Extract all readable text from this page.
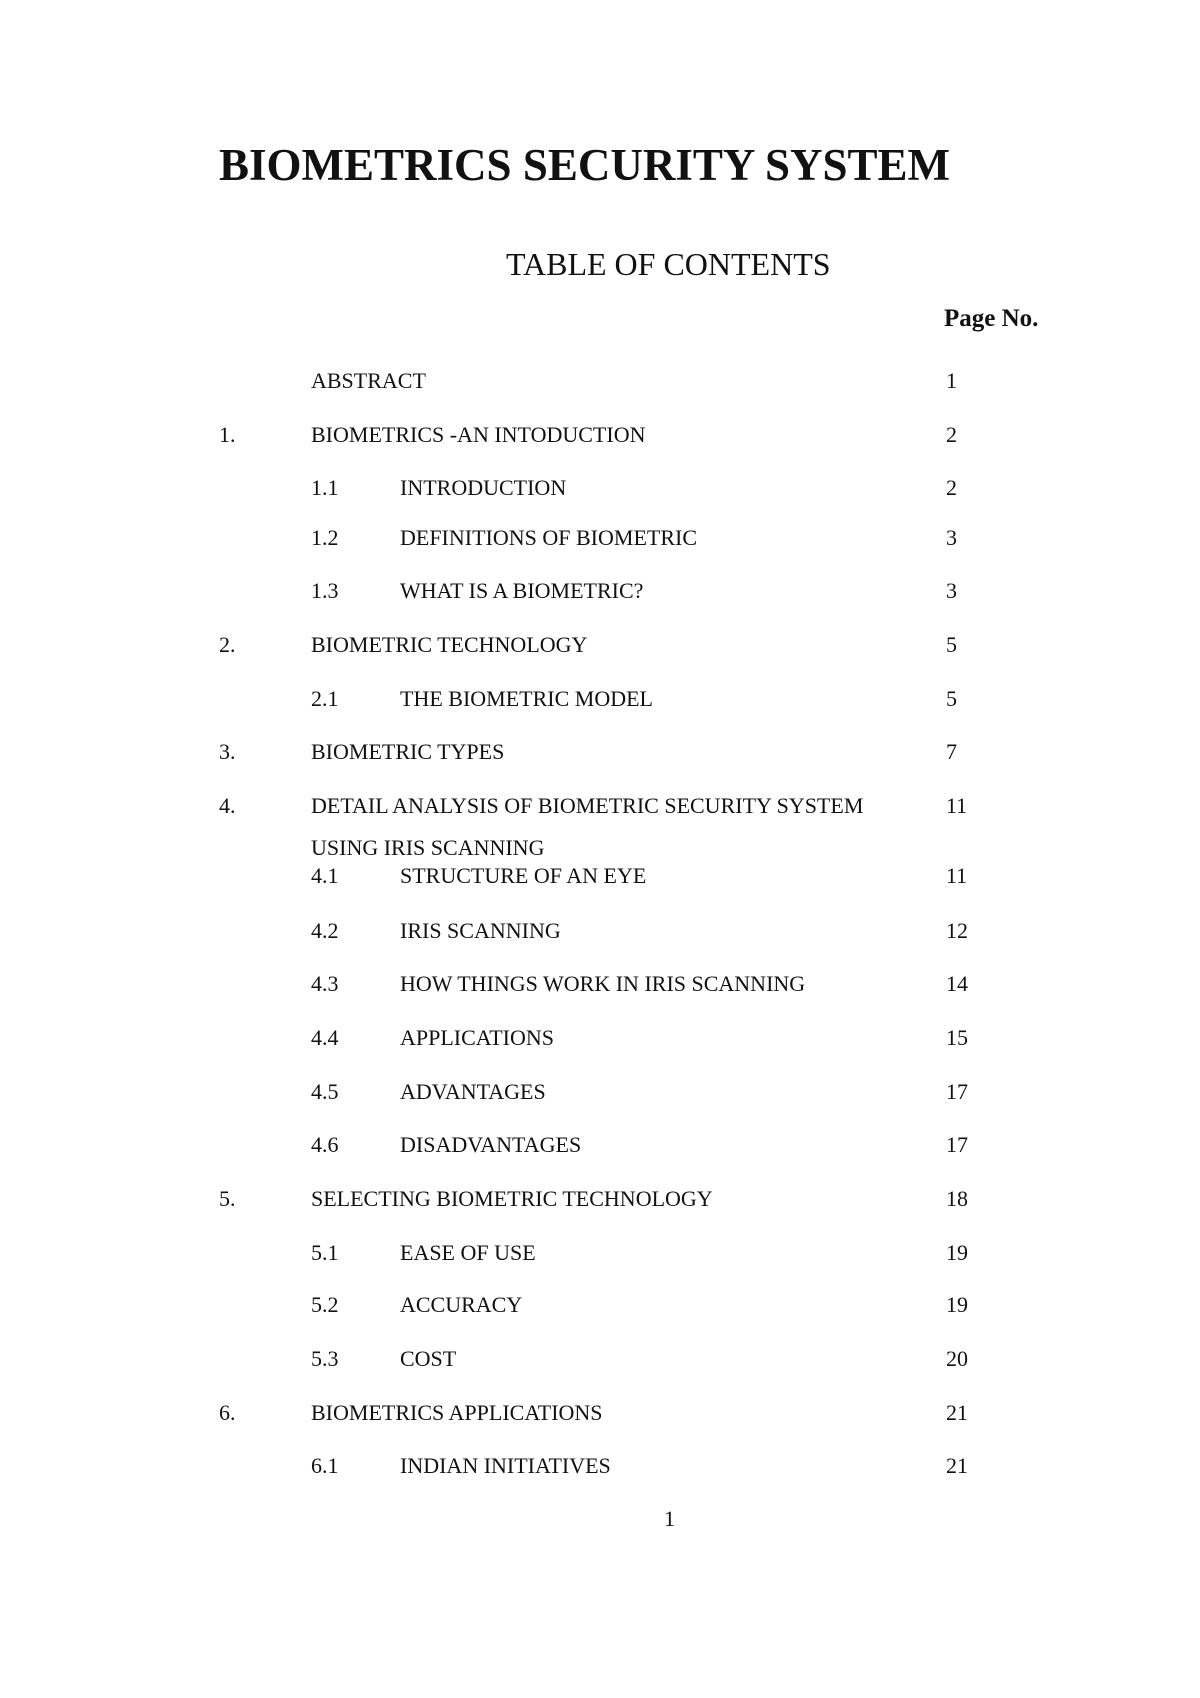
BIOMETRICS SECURITY SYSTEM
TABLE OF CONTENTS
Page No.
ABSTRACT	1
1.	BIOMETRICS -AN INTODUCTION	2
1.1	INTRODUCTION	2
1.2	DEFINITIONS OF BIOMETRIC	3
1.3	WHAT IS A BIOMETRIC?	3
2.	BIOMETRIC TECHNOLOGY	5
2.1	THE BIOMETRIC MODEL	5
3.	BIOMETRIC TYPES	7
4.	DETAIL ANALYSIS OF BIOMETRIC SECURITY SYSTEM	11
USING IRIS SCANNING
4.1	STRUCTURE OF AN EYE	11
4.2	IRIS SCANNING	12
4.3	HOW THINGS WORK IN IRIS SCANNING	14
4.4	APPLICATIONS	15
4.5	ADVANTAGES	17
4.6	DISADVANTAGES	17
5.	SELECTING BIOMETRIC TECHNOLOGY	18
5.1	EASE OF USE	19
5.2	ACCURACY	19
5.3	COST	20
6.	BIOMETRICS APPLICATIONS	21
6.1	INDIAN INITIATIVES	21
1
